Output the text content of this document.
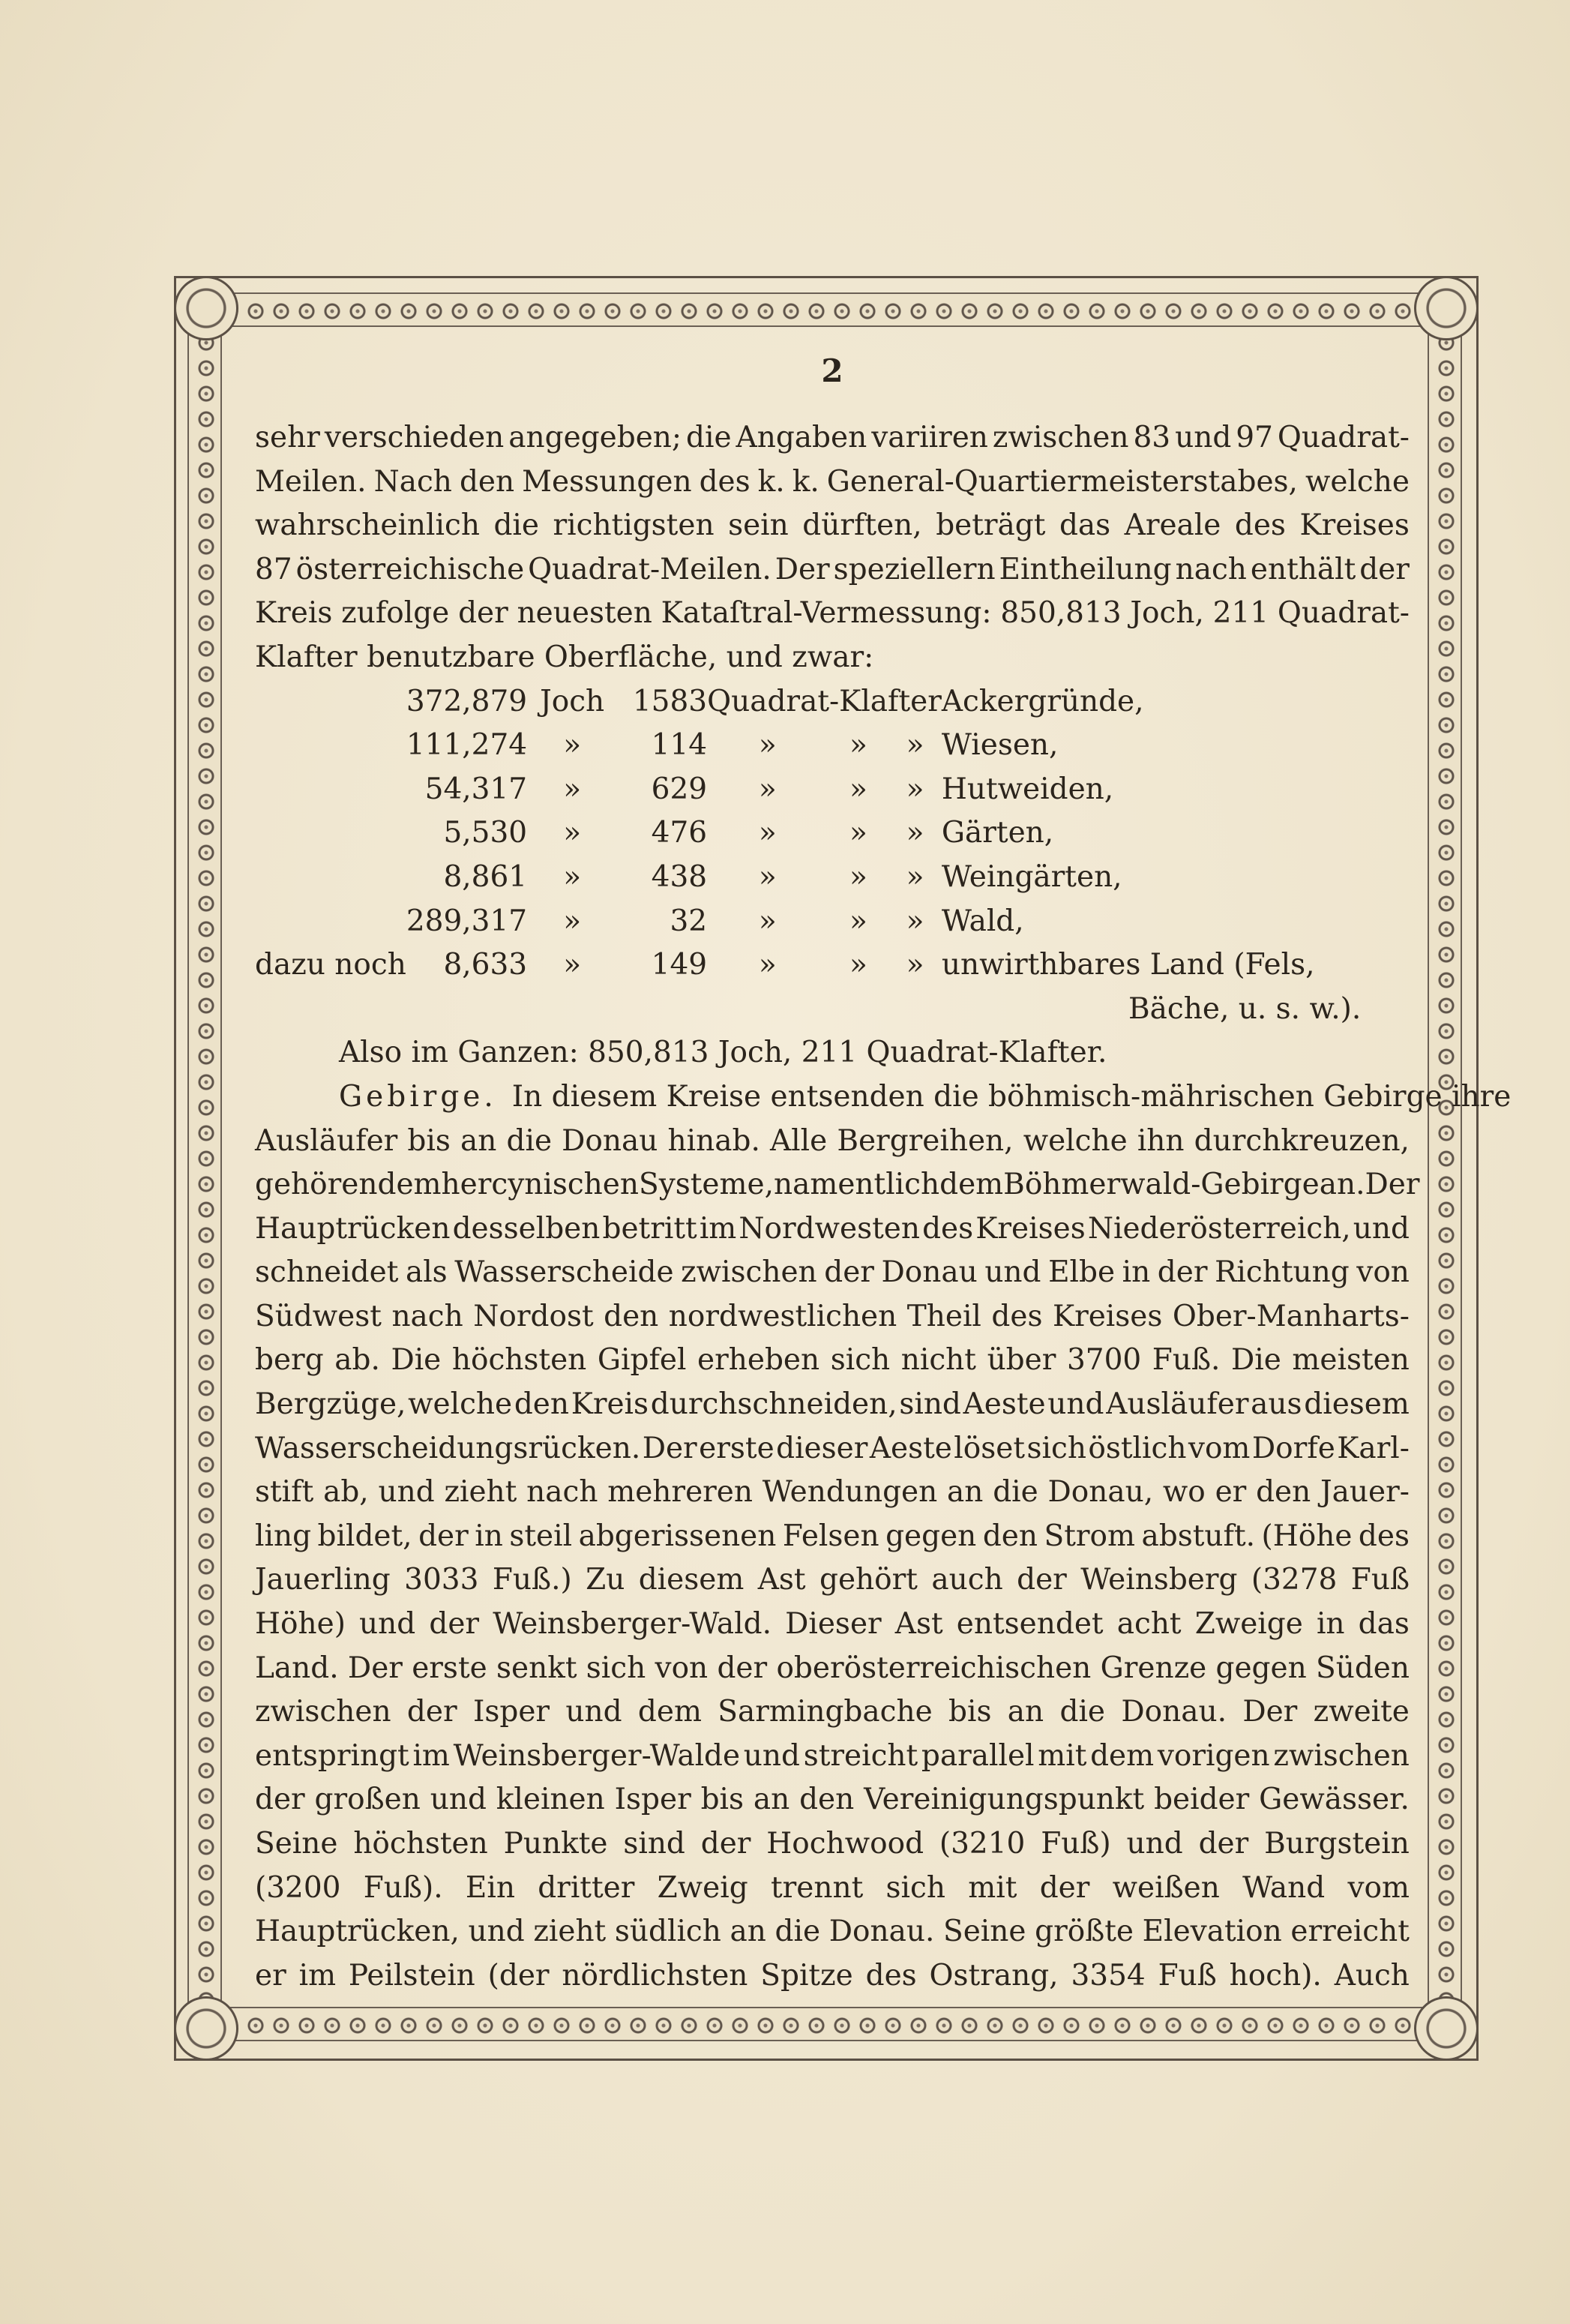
2
sehr verschieden angegeben; die Angaben variiren zwischen 83 und 97 Quadrat-
Meilen. Nach den Messungen des k. k. General-Quartiermeisterstabes, welche
wahrscheinlich die richtigsten sein dürften, beträgt das Areale des Kreises
87 österreichische Quadrat-Meilen. Der speziellern Eintheilung nach enthält der
Kreis zufolge der neuesten Kataſtral-Vermessung: 850,813 Joch, 211 Quadrat-
Klafter benutzbare Oberfläche, und zwar:
	372,879	Joch	1583	Quadrat-Klafter			Ackergründe,
	111,274	»	114	»	»	»	Wiesen,
	54,317	»	629	»	»	»	Hutweiden,
	5,530	»	476	»	»	»	Gärten,
	8,861	»	438	»	»	»	Weingärten,
	289,317	»	32	»	»	»	Wald,
dazu noch	8,633	»	149	»	»	»	unwirthbares Land (Fels,
Bäche, u. s. w.).
Also im Ganzen: 850,813 Joch, 211 Quadrat-Klafter.
Gebirge. In diesem Kreise entsenden die böhmisch-mährischen Gebirge ihre
Ausläufer bis an die Donau hinab. Alle Bergreihen, welche ihn durchkreuzen,
gehören dem hercynischen Systeme, namentlich dem Böhmerwald-Gebirge an. Der
Hauptrücken desselben betritt im Nordwesten des Kreises Niederösterreich, und
schneidet als Wasserscheide zwischen der Donau und Elbe in der Richtung von
Südwest nach Nordost den nordwestlichen Theil des Kreises Ober-Manharts-
berg ab. Die höchsten Gipfel erheben sich nicht über 3700 Fuß. Die meisten
Bergzüge, welche den Kreis durchschneiden, sind Aeste und Ausläufer aus diesem
Wasserscheidungsrücken. Der erste dieser Aeste löset sich östlich vom Dorfe Karl-
stift ab, und zieht nach mehreren Wendungen an die Donau, wo er den Jauer-
ling bildet, der in steil abgerissenen Felsen gegen den Strom abstuft. (Höhe des
Jauerling 3033 Fuß.) Zu diesem Ast gehört auch der Weinsberg (3278 Fuß
Höhe) und der Weinsberger-Wald. Dieser Ast entsendet acht Zweige in das
Land. Der erste senkt sich von der oberösterreichischen Grenze gegen Süden
zwischen der Isper und dem Sarmingbache bis an die Donau. Der zweite
entspringt im Weinsberger-Walde und streicht parallel mit dem vorigen zwischen
der großen und kleinen Isper bis an den Vereinigungspunkt beider Gewässer.
Seine höchsten Punkte sind der Hochwood (3210 Fuß) und der Burgstein
(3200 Fuß). Ein dritter Zweig trennt sich mit der weißen Wand vom
Hauptrücken, und zieht südlich an die Donau. Seine größte Elevation erreicht
er im Peilstein (der nördlichsten Spitze des Ostrang, 3354 Fuß hoch). Auch
